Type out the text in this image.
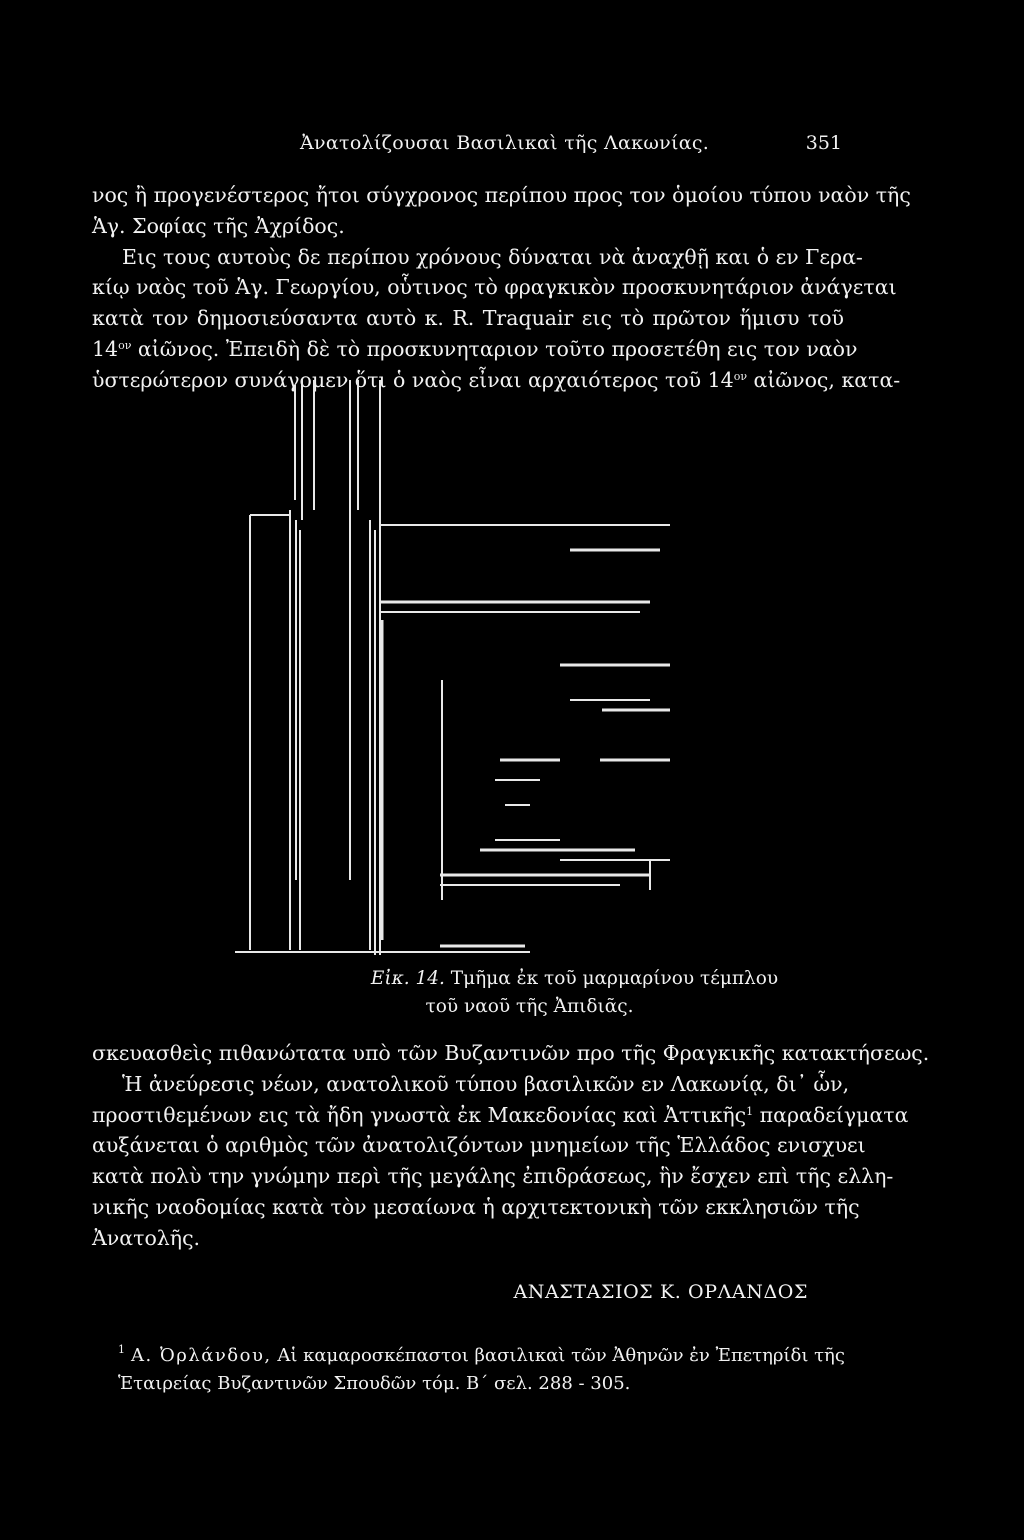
Ἀνατολίζουσαι Βασιλικαὶ τῆς Λακωνίας.	351
νος ἢ προγενέστερος ἤτοι σύγχρονος περίπου προς τον ὁμοίου τύπου ναὸν τῆς
Ἁγ. Σοφίας τῆς Ἀχρίδος.
Εις τους αυτοὺς δε περίπου χρόνους δύναται νὰ ἀναχθῇ και ὁ εν Γερα-
κίῳ ναὸς τοῦ Ἁγ. Γεωργίου, οὗτινος τὸ φραγκικὸν προσκυνητάριον ἀνάγεται
κατὰ τον δημοσιεύσαντα αυτὸ κ. R. Traquair εις τὸ πρῶτον ἥμισυ τοῦ
$14^{o\nu}$ αἰῶνος. Ἐπειδὴ δὲ τὸ προσκυνηταριον τοῦτο προσετέθη εις τον ναὸν
ὑστερώτερον συνάγομεν ὅτι ὁ ναὸς εἶναι αρχαιότερος τοῦ $14^{o\nu}$ αἰῶνος, κατα-
Εἰκ. 14. Τμῆμα ἐκ τοῦ μαρμαρίνου τέμπλου
τοῦ ναοῦ τῆς Ἀπιδιᾶς.
σκευασθεὶς πιθανώτατα υπὸ τῶν Βυζαντινῶν προ τῆς Φραγκικῆς κατακτήσεως.
Ἡ ἀνεύρεσις νέων, ανατολικοῦ τύπου βασιλικῶν εν Λακωνίᾳ, δι᾽ ὧν,
προστιθεμένων εις τὰ ἤδη γνωστὰ ἐκ Μακεδονίας καὶ Ἀττικῆς$^1$ παραδείγματα
αυξάνεται ὁ αριθμὸς τῶν ἀνατολιζόντων μνημείων τῆς Ἑλλάδος ενισχυει
κατὰ πολὺ την γνώμην περὶ τῆς μεγάλης ἐπιδράσεως, ἣν ἔσχεν επὶ τῆς ελλη-
νικῆς ναοδομίας κατὰ τὸν μεσαίωνα ἡ αρχιτεκτονικὴ τῶν εκκλησιῶν τῆς
Ἀνατολῆς.
ΑΝΑΣΤΑΣΙΟΣ Κ. ΟΡΛΑΝΔΟΣ
$^1$ Α. Ὀρλάνδου, Αἱ καμαροσκέπαστοι βασιλικαὶ τῶν Ἀθηνῶν ἐν Ἐπετηρίδι τῆς
Ἑταιρείας Βυζαντινῶν Σπουδῶν τόμ. Β΄ σελ. 288 - 305.
